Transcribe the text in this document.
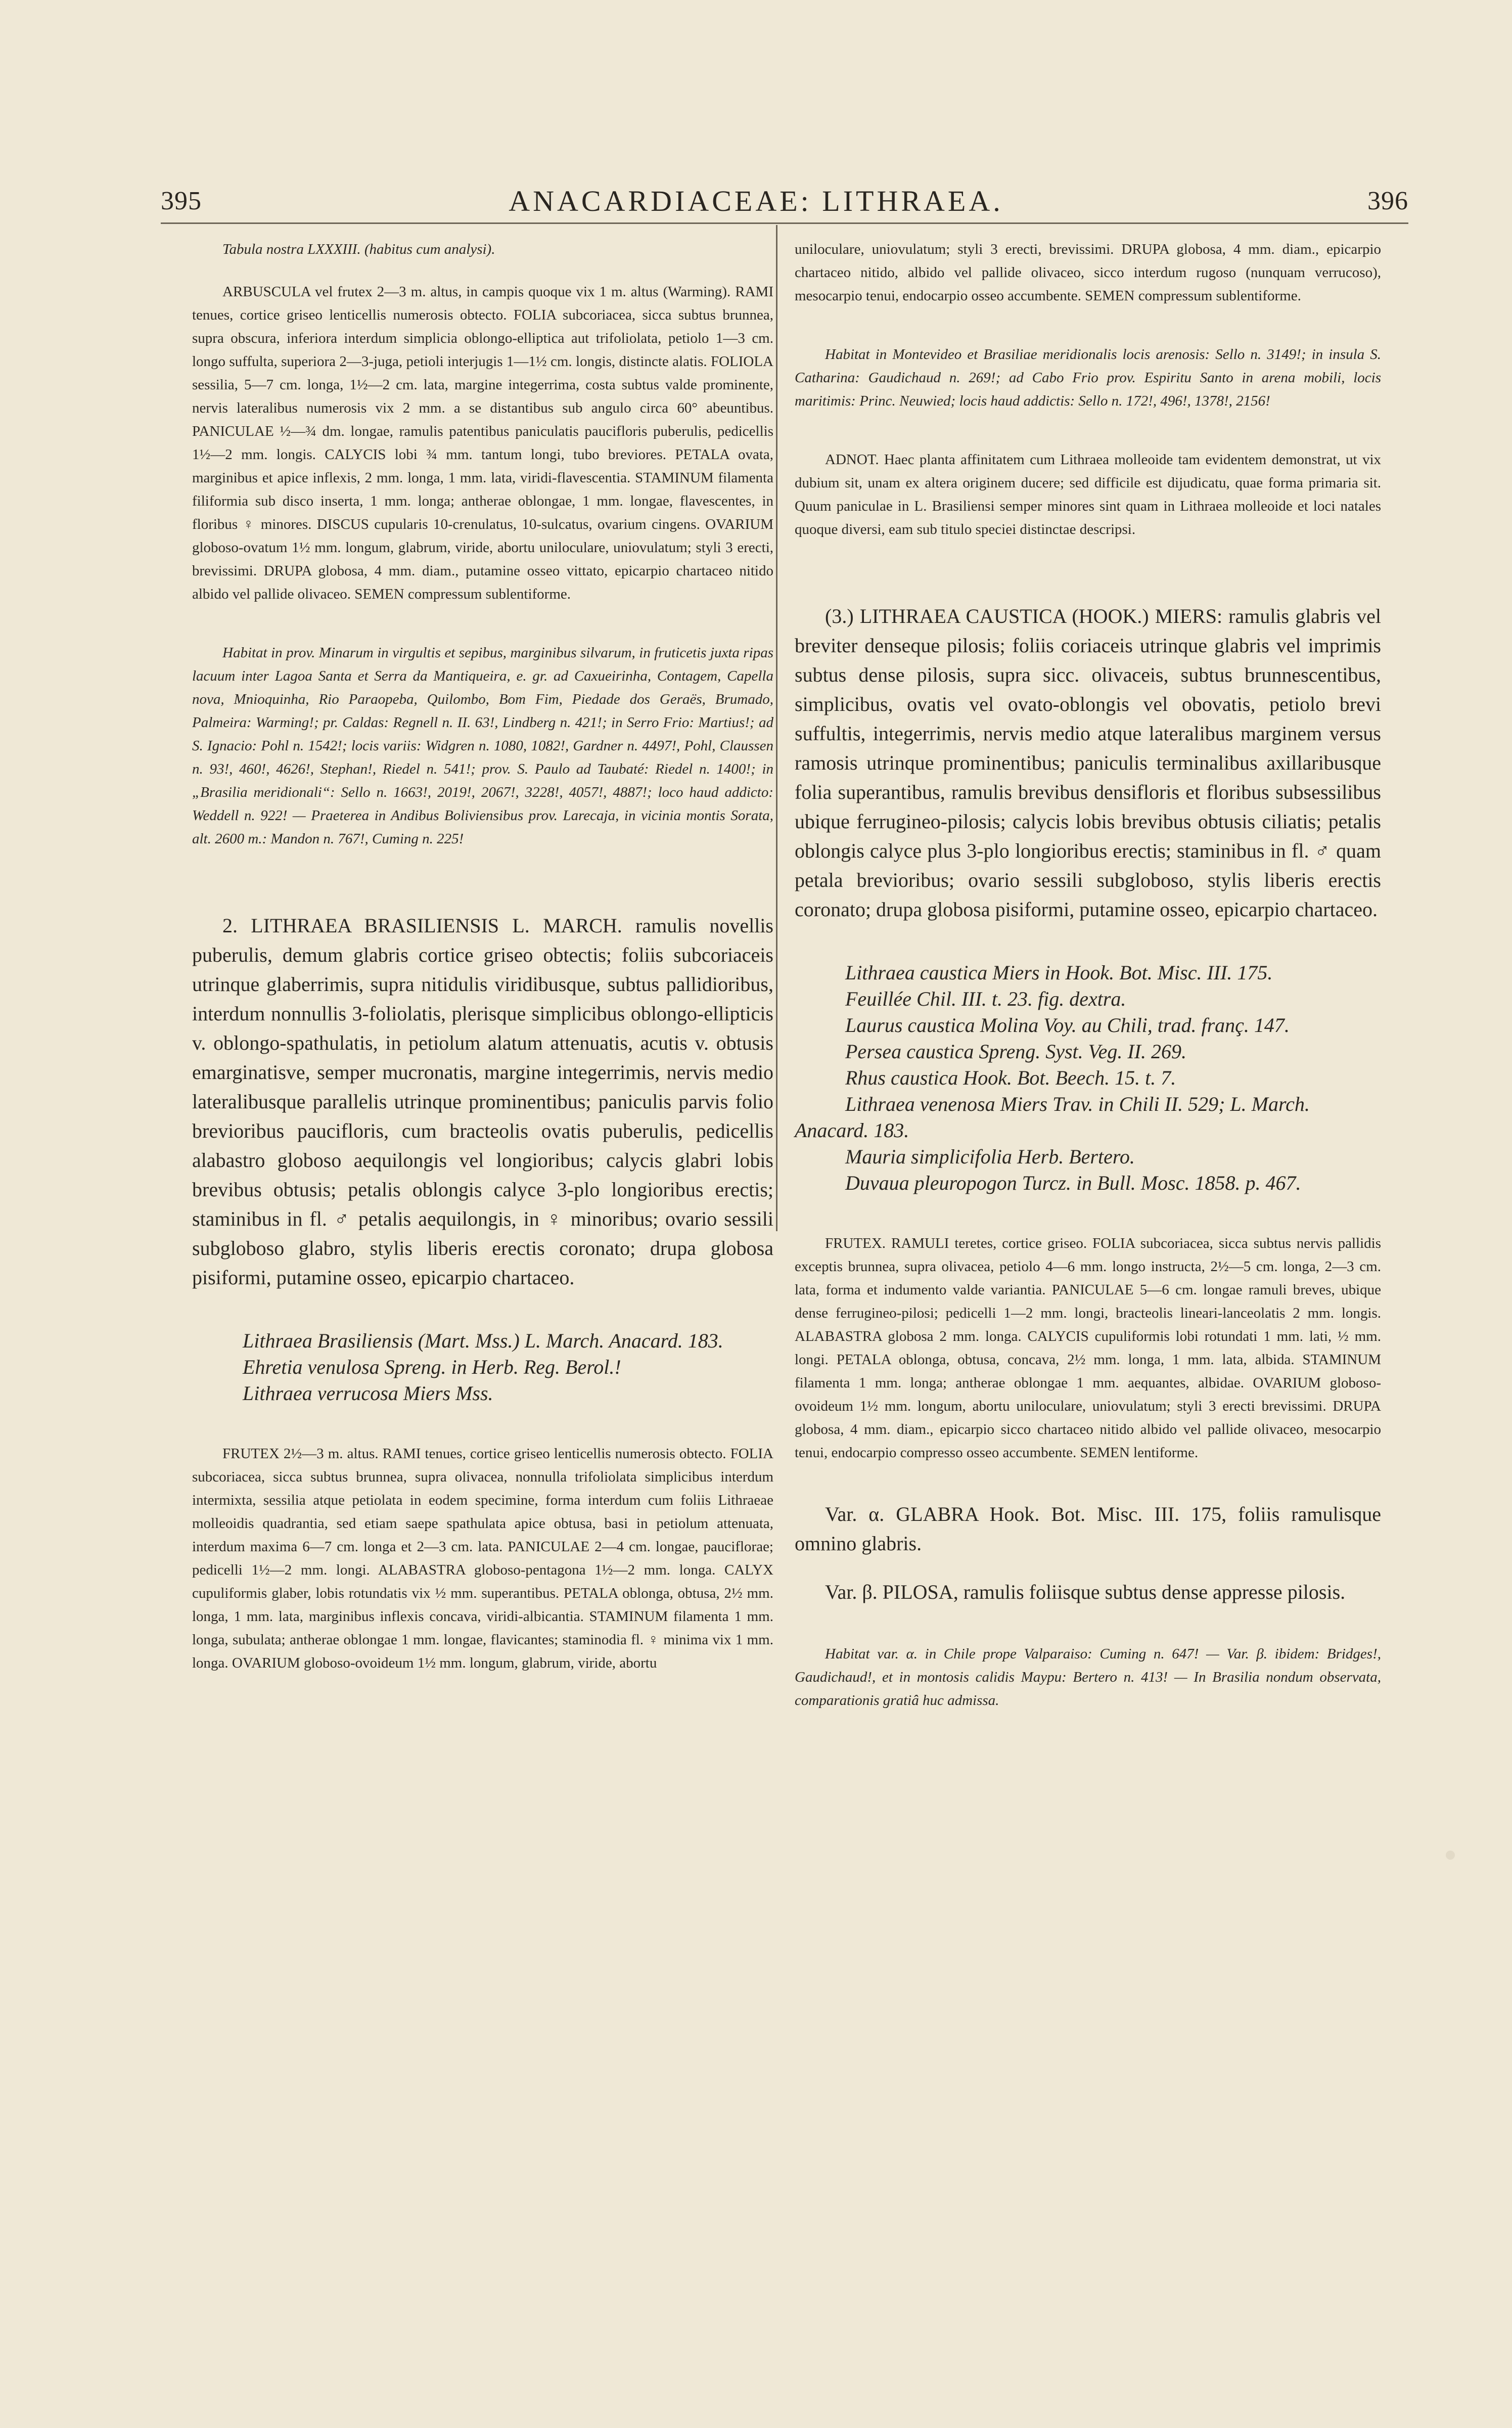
395	ANACARDIACEAE: LITHRAEA.	396

Tabula nostra LXXXIII. (habitus cum analysi).

ARBUSCULA vel frutex 2—3 m. altus, in campis quoque vix 1 m. altus (Warming). RAMI tenues, cortice griseo lenticellis numerosis obtecto. FOLIA subcoriacea, sicca subtus brunnea, supra obscura, inferiora interdum simplicia oblongo-elliptica aut trifoliolata, petiolo 1—3 cm. longo suffulta, superiora 2—3-juga, petioli interjugis 1—1½ cm. longis, distincte alatis. FOLIOLA sessilia, 5—7 cm. longa, 1½—2 cm. lata, margine integerrima, costa subtus valde prominente, nervis lateralibus numerosis vix 2 mm. a se distantibus sub angulo circa 60° abeuntibus. PANICULAE ½—¾ dm. longae, ramulis patentibus paniculatis paucifloris puberulis, pedicellis 1½—2 mm. longis. CALYCIS lobi ¾ mm. tantum longi, tubo breviores. PETALA ovata, marginibus et apice inflexis, 2 mm. longa, 1 mm. lata, viridi-flavescentia. STAMINUM filamenta filiformia sub disco inserta, 1 mm. longa; antherae oblongae, 1 mm. longae, flavescentes, in floribus ♀ minores. DISCUS cupularis 10-crenulatus, 10-sulcatus, ovarium cingens. OVARIUM globoso-ovatum 1½ mm. longum, glabrum, viride, abortu uniloculare, uniovulatum; styli 3 erecti, brevissimi. DRUPA globosa, 4 mm. diam., putamine osseo vittato, epicarpio chartaceo nitido albido vel pallide olivaceo. SEMEN compressum sublentiforme.

Habitat in prov. Minarum in virgultis et sepibus, marginibus silvarum, in fruticetis juxta ripas lacuum inter Lagoa Santa et Serra da Mantiqueira, e. gr. ad Caxueirinha, Contagem, Capella nova, Mnioquinha, Rio Paraopeba, Quilombo, Bom Fim, Piedade dos Geraës, Brumado, Palmeira: Warming!; pr. Caldas: Regnell n. II. 63!, Lindberg n. 421!; in Serro Frio: Martius!; ad S. Ignacio: Pohl n. 1542!; locis variis: Widgren n. 1080, 1082!, Gardner n. 4497!, Pohl, Claussen n. 93!, 460!, 4626!, Stephan!, Riedel n. 541!; prov. S. Paulo ad Taubaté: Riedel n. 1400!; in „Brasilia meridionali“: Sello n. 1663!, 2019!, 2067!, 3228!, 4057!, 4887!; loco haud addicto: Weddell n. 922! — Praeterea in Andibus Boliviensibus prov. Larecaja, in vicinia montis Sorata, alt. 2600 m.: Mandon n. 767!, Cuming n. 225!

2. LITHRAEA BRASILIENSIS L. MARCH. ramulis novellis puberulis, demum glabris cortice griseo obtectis; foliis subcoriaceis utrinque glaberrimis, supra nitidulis viridibusque, subtus pallidioribus, interdum nonnullis 3-foliolatis, plerisque simplicibus oblongo-ellipticis v. oblongo-spathulatis, in petiolum alatum attenuatis, acutis v. obtusis emarginatisve, semper mucronatis, margine integerrimis, nervis medio lateralibusque parallelis utrinque prominentibus; paniculis parvis folio brevioribus paucifloris, cum bracteolis ovatis puberulis, pedicellis alabastro globoso aequilongis vel longioribus; calycis glabri lobis brevibus obtusis; petalis oblongis calyce 3-plo longioribus erectis; staminibus in fl. ♂ petalis aequilongis, in ♀ minoribus; ovario sessili subgloboso glabro, stylis liberis erectis coronato; drupa globosa pisiformi, putamine osseo, epicarpio chartaceo.

Lithraea Brasiliensis (Mart. Mss.) L. March. Anacard. 183.

Ehretia venulosa Spreng. in Herb. Reg. Berol.!

Lithraea verrucosa Miers Mss.

FRUTEX 2½—3 m. altus. RAMI tenues, cortice griseo lenticellis numerosis obtecto. FOLIA subcoriacea, sicca subtus brunnea, supra olivacea, nonnulla trifoliolata simplicibus interdum intermixta, sessilia atque petiolata in eodem specimine, forma interdum cum foliis Lithraeae molleoidis quadrantia, sed etiam saepe spathulata apice obtusa, basi in petiolum attenuata, interdum maxima 6—7 cm. longa et 2—3 cm. lata. PANICULAE 2—4 cm. longae, pauciflorae; pedicelli 1½—2 mm. longi. ALABASTRA globoso-pentagona 1½—2 mm. longa. CALYX cupuliformis glaber, lobis rotundatis vix ½ mm. superantibus. PETALA oblonga, obtusa, 2½ mm. longa, 1 mm. lata, marginibus inflexis concava, viridi-albicantia. STAMINUM filamenta 1 mm. longa, subulata; antherae oblongae 1 mm. longae, flavicantes; staminodia fl. ♀ minima vix 1 mm. longa. OVARIUM globoso-ovoideum 1½ mm. longum, glabrum, viride, abortu

uniloculare, uniovulatum; styli 3 erecti, brevissimi. DRUPA globosa, 4 mm. diam., epicarpio chartaceo nitido, albido vel pallide olivaceo, sicco interdum rugoso (nunquam verrucoso), mesocarpio tenui, endocarpio osseo accumbente. SEMEN compressum sublentiforme.

Habitat in Montevideo et Brasiliae meridionalis locis arenosis: Sello n. 3149!; in insula S. Catharina: Gaudichaud n. 269!; ad Cabo Frio prov. Espiritu Santo in arena mobili, locis maritimis: Princ. Neuwied; locis haud addictis: Sello n. 172!, 496!, 1378!, 2156!

ADNOT. Haec planta affinitatem cum Lithraea molleoide tam evidentem demonstrat, ut vix dubium sit, unam ex altera originem ducere; sed difficile est dijudicatu, quae forma primaria sit. Quum paniculae in L. Brasiliensi semper minores sint quam in Lithraea molleoide et loci natales quoque diversi, eam sub titulo speciei distinctae descripsi.

(3.) LITHRAEA CAUSTICA (HOOK.) MIERS: ramulis glabris vel breviter denseque pilosis; foliis coriaceis utrinque glabris vel imprimis subtus dense pilosis, supra sicc. olivaceis, subtus brunnescentibus, simplicibus, ovatis vel ovato-oblongis vel obovatis, petiolo brevi suffultis, integerrimis, nervis medio atque lateralibus marginem versus ramosis utrinque prominentibus; paniculis terminalibus axillaribusque folia superantibus, ramulis brevibus densifloris et floribus subsessilibus ubique ferrugineo-pilosis; calycis lobis brevibus obtusis ciliatis; petalis oblongis calyce plus 3-plo longioribus erectis; staminibus in fl. ♂ quam petala brevioribus; ovario sessili subgloboso, stylis liberis erectis coronato; drupa globosa pisiformi, putamine osseo, epicarpio chartaceo.

Lithraea caustica Miers in Hook. Bot. Misc. III. 175.

Feuillée Chil. III. t. 23. fig. dextra.

Laurus caustica Molina Voy. au Chili, trad. franç. 147.

Persea caustica Spreng. Syst. Veg. II. 269.

Rhus caustica Hook. Bot. Beech. 15. t. 7.

Lithraea venenosa Miers Trav. in Chili II. 529; L. March.

Anacard. 183.

Mauria simplicifolia Herb. Bertero.

Duvaua pleuropogon Turcz. in Bull. Mosc. 1858. p. 467.

FRUTEX. RAMULI teretes, cortice griseo. FOLIA subcoriacea, sicca subtus nervis pallidis exceptis brunnea, supra olivacea, petiolo 4—6 mm. longo instructa, 2½—5 cm. longa, 2—3 cm. lata, forma et indumento valde variantia. PANICULAE 5—6 cm. longae ramuli breves, ubique dense ferrugineo-pilosi; pedicelli 1—2 mm. longi, bracteolis lineari-lanceolatis 2 mm. longis. ALABASTRA globosa 2 mm. longa. CALYCIS cupuliformis lobi rotundati 1 mm. lati, ½ mm. longi. PETALA oblonga, obtusa, concava, 2½ mm. longa, 1 mm. lata, albida. STAMINUM filamenta 1 mm. longa; antherae oblongae 1 mm. aequantes, albidae. OVARIUM globoso-ovoideum 1½ mm. longum, abortu uniloculare, uniovulatum; styli 3 erecti brevissimi. DRUPA globosa, 4 mm. diam., epicarpio sicco chartaceo nitido albido vel pallide olivaceo, mesocarpio tenui, endocarpio compresso osseo accumbente. SEMEN lentiforme.

Var. α. GLABRA Hook. Bot. Misc. III. 175, foliis ramulisque omnino glabris.

Var. β. PILOSA, ramulis foliisque subtus dense appresse pilosis.

Habitat var. α. in Chile prope Valparaiso: Cuming n. 647! — Var. β. ibidem: Bridges!, Gaudichaud!, et in montosis calidis Maypu: Bertero n. 413! — In Brasilia nondum observata, comparationis gratiâ huc admissa.
